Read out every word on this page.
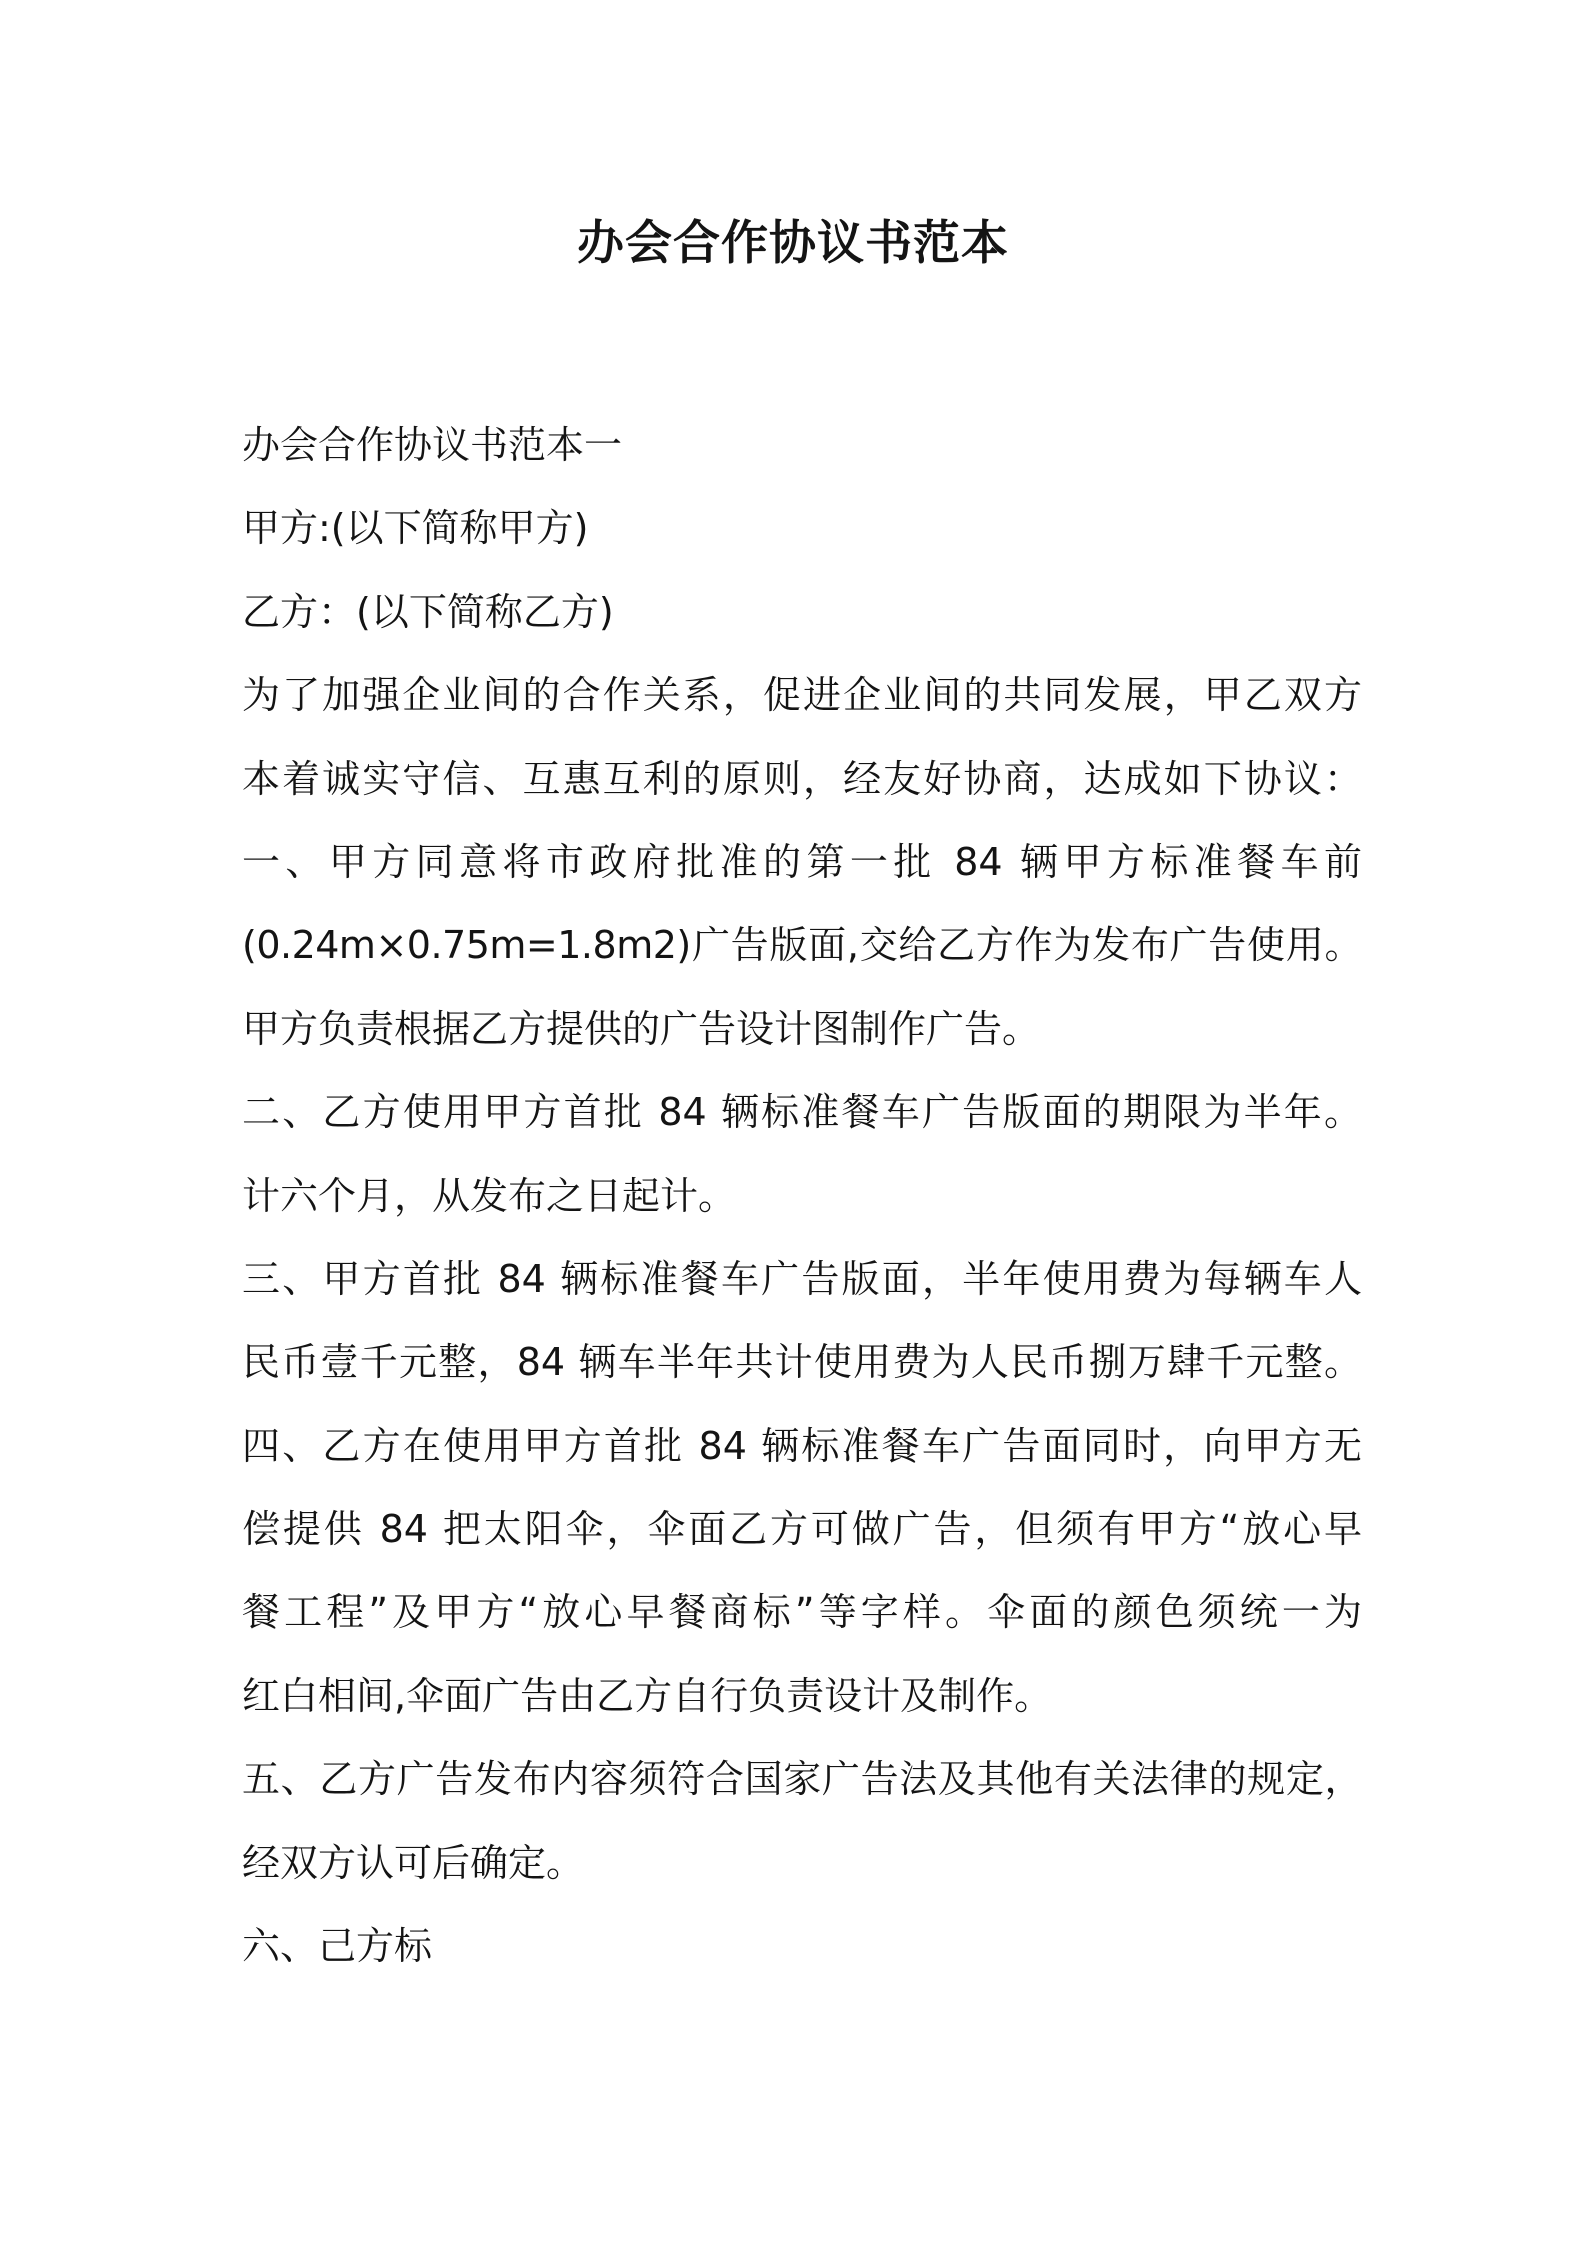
办会合作协议书范本

办会合作协议书范本一

甲方:(以下简称甲方)

乙方：(以下简称乙方)

为了加强企业间的合作关系，促进企业间的共同发展，甲乙双方

本着诚实守信、互惠互利的原则，经友好协商，达成如下协议：

一、甲方同意将市政府批准的第一批 84 辆甲方标准餐车前

(0.24m×0.75m=1.8m2)广告版面,交给乙方作为发布广告使用。

甲方负责根据乙方提供的广告设计图制作广告。

二、乙方使用甲方首批 84 辆标准餐车广告版面的期限为半年。

计六个月，从发布之日起计。

三、甲方首批 84 辆标准餐车广告版面，半年使用费为每辆车人

民币壹千元整，84 辆车半年共计使用费为人民币捌万肆千元整。

四、乙方在使用甲方首批 84 辆标准餐车广告面同时，向甲方无

偿提供 84 把太阳伞，伞面乙方可做广告，但须有甲方“放心早

餐工程”及甲方“放心早餐商标”等字样。伞面的颜色须统一为

红白相间,伞面广告由乙方自行负责设计及制作。

五、乙方广告发布内容须符合国家广告法及其他有关法律的规定，

经双方认可后确定。

六、己方标
